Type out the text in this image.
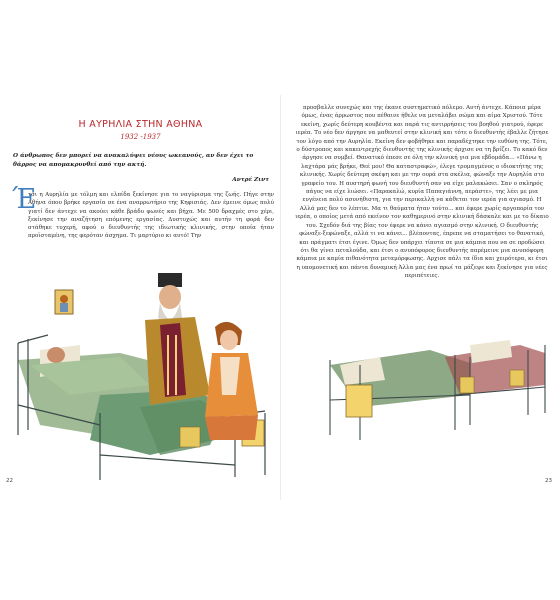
Η ΑΥΡΗΛΙΑ ΣΤΗΝ ΑΘΗΝΑ
1932 -1937
Ο άνθρωπος δεν μπορεί να ανακαλύψει νέους ωκεανούς, αν δεν έχει το θάρρος να απομακρυνθεί από την ακτή.
Αντρέ Ζιντ
Έ
τσι η Αυρηλία με τόλμη και ελπίδα ξεκίνησε για το ναγύρισμα της ζωής. Πήγε στην Αθήνα όπου βρήκε εργασία σε ένα αναρρωτήριο της Κηφισιάς. Δεν έμεινε όμως πολύ γιατί δεν άντεχε να ακούει κάθε βράδυ φωνές και βήχα. Με 500 δραχμές στο χέρι, ξεκίνησε την αναζήτηση επόμενης εργασίας. Δυστυχώς και αυτήν τη φορά δεν στάθηκε τυχερή, αφού ο διευθυντής της ιδιωτικής κλινικής, στην οποία ήταν προϊσταμένη, της φερόταν άσχημα. Τι μαρτύριο κι αυτό! Την
22
προσβαλλε συνεχώς και της έκανε συστηματικό πόλεμο. Αυτή άντεχε. Κάποια μέρα όμως, ένας άρρωστος που πέθαινε ήθελε να μεταλάβει σώμα και αίμα Χριστού. Τότε εκείνη, χωρίς δεύτερη κουβέντα και παρά τις αντιρρήσεις του βοηθού γιατρού, έφερε ιερέα. Το νέο δεν άργησε να μαθευτεί στην κλινική και τότε ο διευθυντής έβαλλε ζήτησε τον λόγο από την Αυρηλία. Εκείνη δεν φοβήθηκε και παραδέχτηκε την ευθύνη της. Τότε, ο δύστροπος και κακεντρεχής διευθυντής της κλινικής άρχισε να τη βρίζει. Το κακό δεν άργησε να συμβεί. Θανατικό έπεσε σε όλη την κλινική για μια εβδομάδα... «Πάνω η λαχτάρα μάς βρήκε, Θεέ μου! Θα καταστραφώ», έλεγε τρομαγμένος ο ιδιοκτήτης της κλινικής. Χωρίς δεύτερη σκέψη και με την ουρά στα σκέλια, φώναξε την Αυρηλία στο γραφείο του. Η αυστηρή φωνή του διευθυντή σαν να είχε μαλακώσει. Σαν ο σκληρός πάγος να είχε λιώσει. «Παρακαλώ, κυρία Παπαγιάννη, περάστε», της λέει με μια ευγένεια πολύ ασυνήθιστη, για την περικαλλή να κάθεται τον ιερέα για αγιασμό. Η Αλλά μας δεν το λέπτυε. Μα τι θαύματα ήταν τούτο... και έφερε χωρίς αργοπορία τον ιερέα, ο οποίος μετά από εκείνον τον καθημερινό στην κλινική δάσκαλε και με το δίκαιο του. Σχεδόν διά της βίας τον έφερε να κάνει αγιασμό στην κλινική. Ο διευθυντής φώναξε-ξεφώναξε, αλλά τι να κάνει... βλέποντας, έπρεπε να σταματήσει το θανατικό, και πράγματι έτσι έγινε. Όμως δεν υπάρχει τίποτα σε μια κάμπια που να σε προδώσει ότι θα γίνει πεταλούδα, και έτσι ο ανυπόφορος διευθυντής παρέμεινε μια ανυπόφορη κάμπια με καμία πιθανότητα μεταμόρφωσης. Αρχισε πάλι τα ίδια και χειρότερα, κι έτσι η υπομονετική και πάντα δυναμική Άλλα μας ένα πρωί τα μάζεψε και ξεκίνησε για νέες περιπέτειες.
23
